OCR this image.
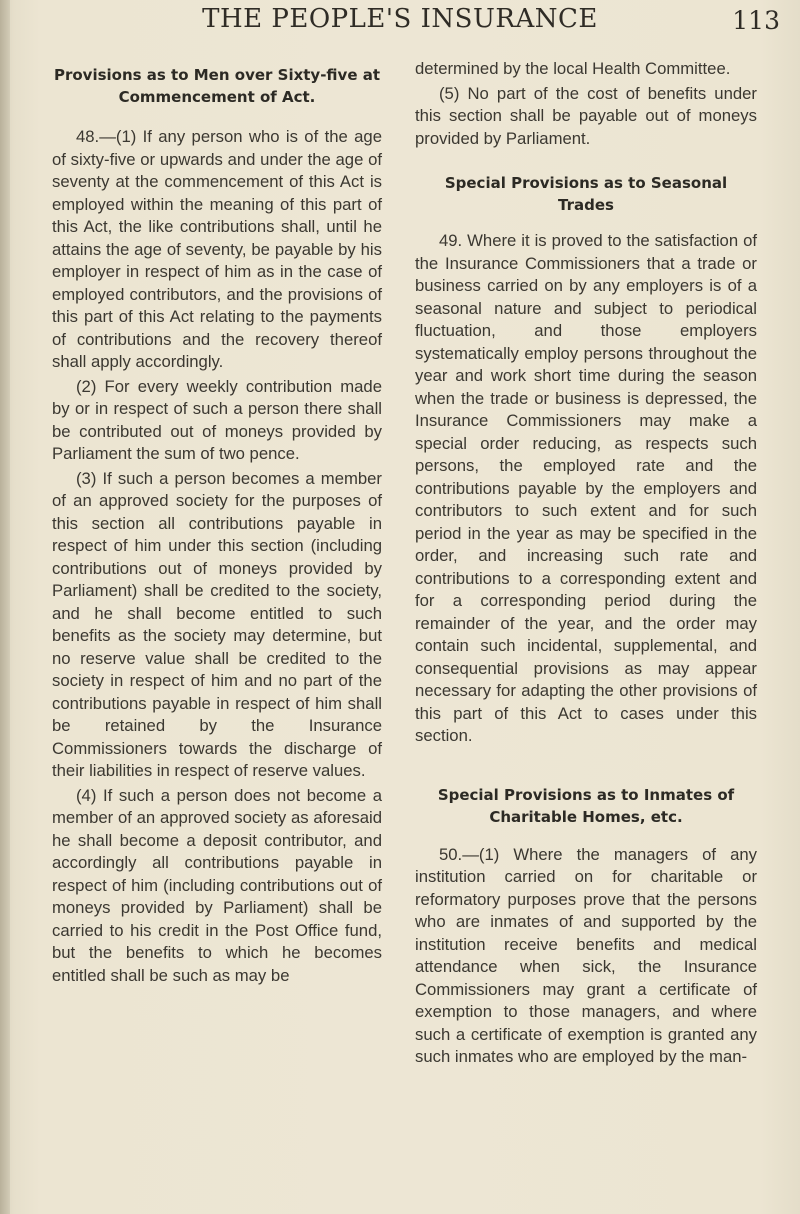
THE PEOPLE'S INSURANCE	113
Provisions as to Men over Sixty-five at Commencement of Act.

48.—(1) If any person who is of the age of sixty-five or upwards and under the age of seventy at the commencement of this Act is employed within the meaning of this part of this Act, the like contributions shall, until he attains the age of seventy, be payable by his employer in respect of him as in the case of employed contributors, and the provisions of this part of this Act relating to the payments of contributions and the recovery thereof shall apply accordingly.

(2) For every weekly contribution made by or in respect of such a person there shall be contributed out of moneys provided by Parliament the sum of two pence.

(3) If such a person becomes a member of an approved society for the purposes of this section all contributions payable in respect of him under this section (including contributions out of moneys provided by Parliament) shall be credited to the society, and he shall become entitled to such benefits as the society may determine, but no reserve value shall be credited to the society in respect of him and no part of the contributions payable in respect of him shall be retained by the Insurance Commissioners towards the discharge of their liabilities in respect of reserve values.

(4) If such a person does not become a member of an approved society as aforesaid he shall become a deposit contributor, and accordingly all contributions payable in respect of him (including contributions out of moneys provided by Parliament) shall be carried to his credit in the Post Office fund, but the benefits to which he becomes entitled shall be such as may be

determined by the local Health Committee.

(5) No part of the cost of benefits under this section shall be payable out of moneys provided by Parliament.

Special Provisions as to Seasonal Trades

49. Where it is proved to the satisfaction of the Insurance Commissioners that a trade or business carried on by any employers is of a seasonal nature and subject to periodical fluctuation, and those employers systematically employ persons throughout the year and work short time during the season when the trade or business is depressed, the Insurance Commissioners may make a special order reducing, as respects such persons, the employed rate and the contributions payable by the employers and contributors to such extent and for such period in the year as may be specified in the order, and increasing such rate and contributions to a corresponding extent and for a corresponding period during the remainder of the year, and the order may contain such incidental, supplemental, and consequential provisions as may appear necessary for adapting the other provisions of this part of this Act to cases under this section.

Special Provisions as to Inmates of Charitable Homes, etc.

50.—(1) Where the managers of any institution carried on for charitable or reformatory purposes prove that the persons who are inmates of and supported by the institution receive benefits and medical attendance when sick, the Insurance Commissioners may grant a certificate of exemption to those managers, and where such a certificate of exemption is granted any such inmates who are employed by the man-
